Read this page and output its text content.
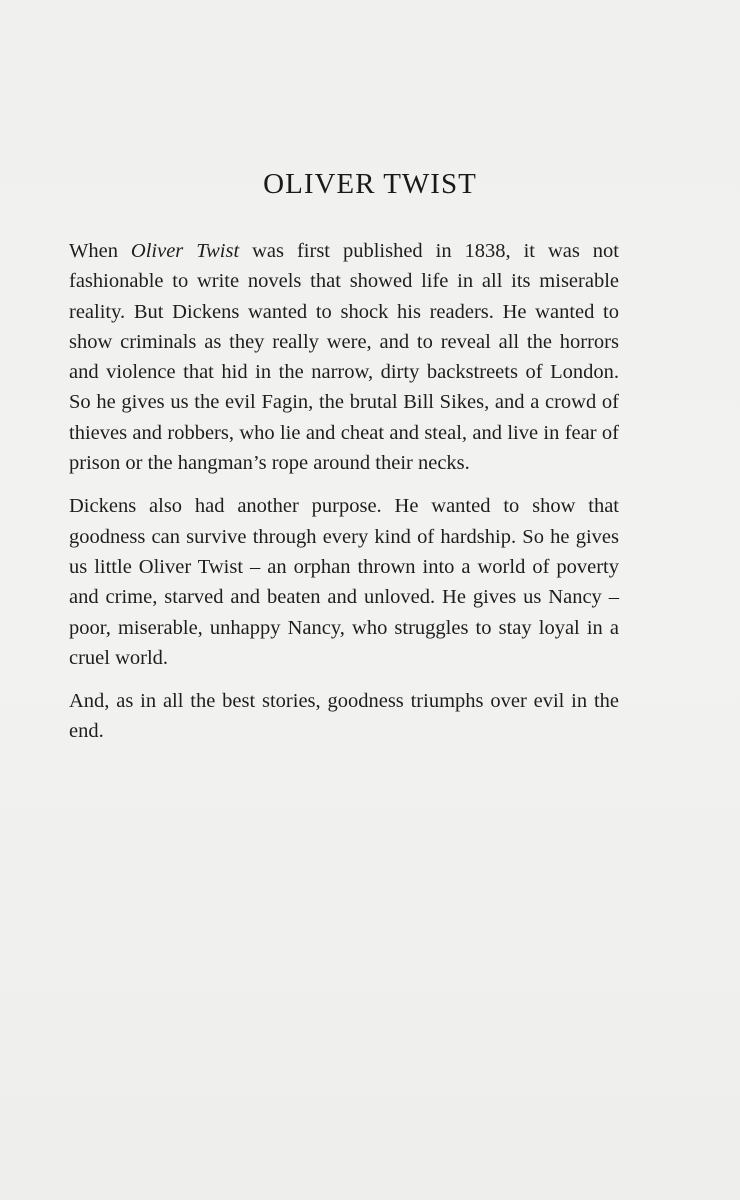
OLIVER TWIST

When Oliver Twist was first published in 1838, it was not fashionable to write novels that showed life in all its miserable reality. But Dickens wanted to shock his readers. He wanted to show criminals as they really were, and to reveal all the horrors and violence that hid in the narrow, dirty backstreets of London. So he gives us the evil Fagin, the brutal Bill Sikes, and a crowd of thieves and robbers, who lie and cheat and steal, and live in fear of prison or the hangman’s rope around their necks.

Dickens also had another purpose. He wanted to show that goodness can survive through every kind of hardship. So he gives us little Oliver Twist – an orphan thrown into a world of poverty and crime, starved and beaten and unloved. He gives us Nancy – poor, miserable, unhappy Nancy, who struggles to stay loyal in a cruel world.

And, as in all the best stories, goodness triumphs over evil in the end.
